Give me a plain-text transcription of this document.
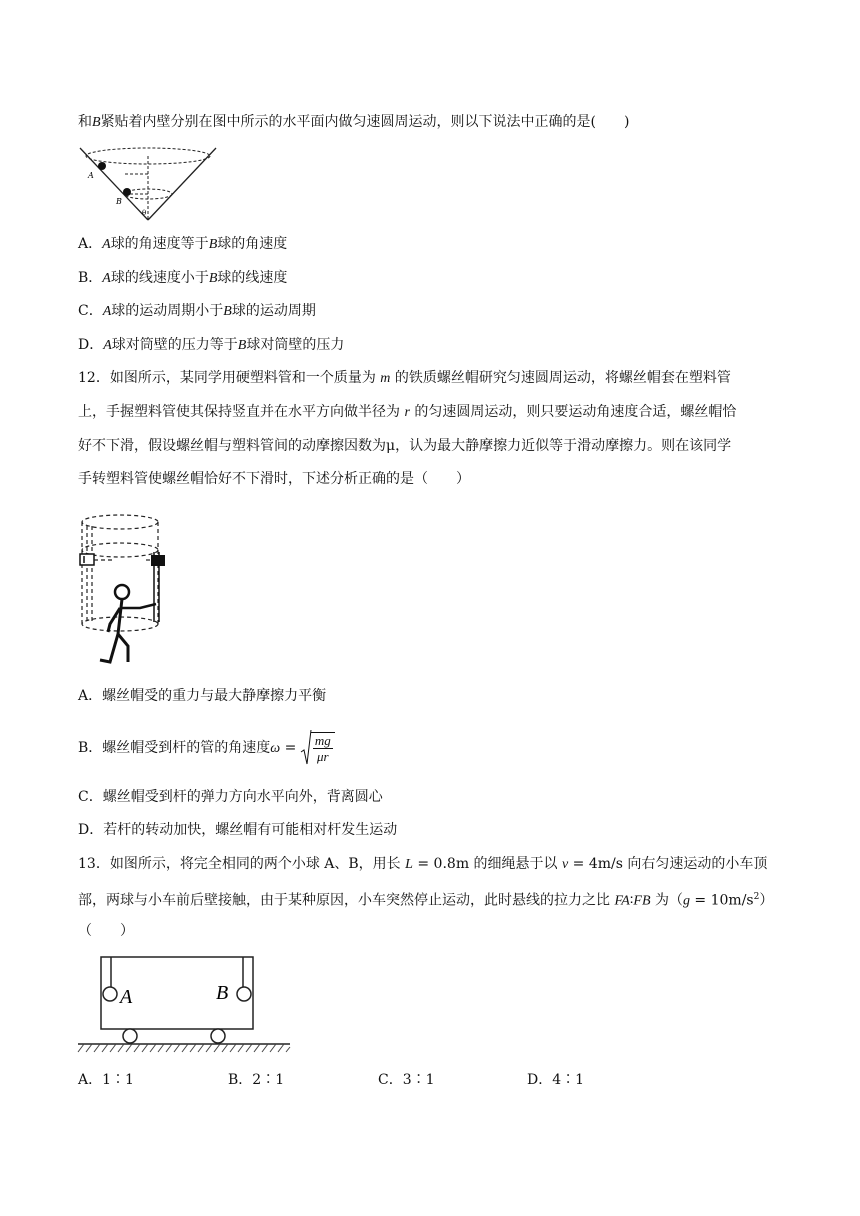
和B紧贴着内壁分别在图中所示的水平面内做匀速圆周运动，则以下说法中正确的是(　　)
A
B
θ
A．A球的角速度等于B球的角速度
B．A球的线速度小于B球的线速度
C．A球的运动周期小于B球的运动周期
D．A球对筒壁的压力等于B球对筒壁的压力
12．如图所示，某同学用硬塑料管和一个质量为 m 的铁质螺丝帽研究匀速圆周运动，将螺丝帽套在塑料管
上，手握塑料管使其保持竖直并在水平方向做半径为 r 的匀速圆周运动，则只要运动角速度合适，螺丝帽恰
好不下滑，假设螺丝帽与塑料管间的动摩擦因数为μ，认为最大静摩擦力近似等于滑动摩擦力。则在该同学
手转塑料管使螺丝帽恰好不下滑时，下述分析正确的是（　　）
A．螺丝帽受的重力与最大静摩擦力平衡
B．螺丝帽受到杆的管的角速度$\omega = \frac{mg}{\mu r}$
C．螺丝帽受到杆的弹力方向水平向外，背离圆心
D．若杆的转动加快，螺丝帽有可能相对杆发生运动
13．如图所示，将完全相同的两个小球 A、B，用长 L = 0.8m 的细绳悬于以 v = 4m/s 向右匀速运动的小车顶
部，两球与小车前后壁接触，由于某种原因，小车突然停止运动，此时悬线的拉力之比 FA∶FB 为$(g = 10m/s^2)$
（　　）
A	B
A．1∶1	B．2∶1	C．3∶1	D．4∶1
